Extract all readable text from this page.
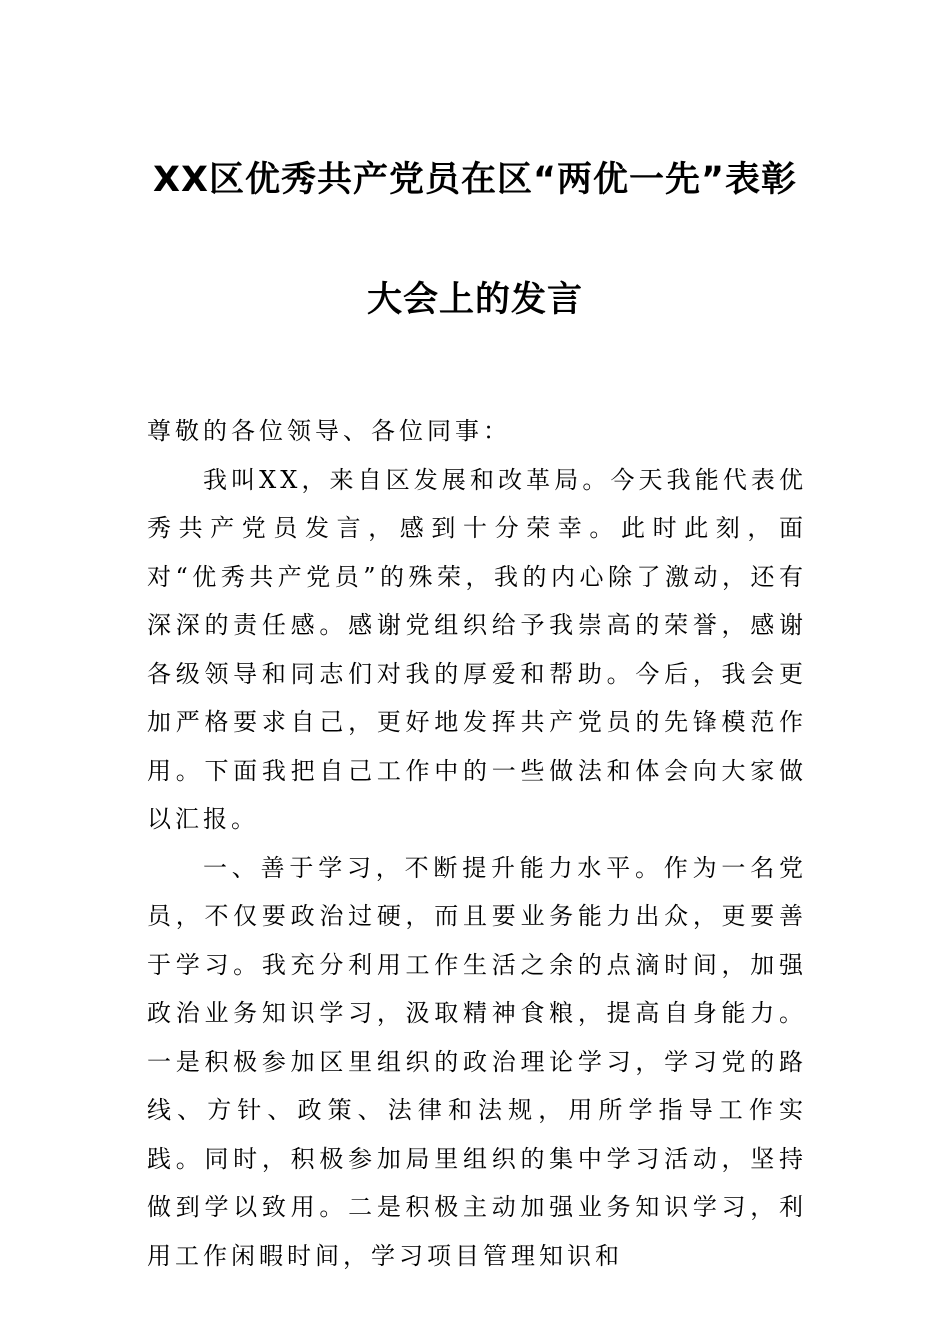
XX区优秀共产党员在区“两优一先”表彰
大会上的发言

尊敬的各位领导、各位同事：

我叫XX，来自区发展和改革局。今天我能代表优秀共产党员发言，感到十分荣幸。此时此刻，面对“优秀共产党员”的殊荣，我的内心除了激动，还有深深的责任感。感谢党组织给予我崇高的荣誉，感谢各级领导和同志们对我的厚爱和帮助。今后，我会更加严格要求自己，更好地发挥共产党员的先锋模范作用。下面我把自己工作中的一些做法和体会向大家做以汇报。

一、善于学习，不断提升能力水平。作为一名党员，不仅要政治过硬，而且要业务能力出众，更要善于学习。我充分利用工作生活之余的点滴时间，加强政治业务知识学习，汲取精神食粮，提高自身能力。一是积极参加区里组织的政治理论学习，学习党的路线、方针、政策、法律和法规，用所学指导工作实践。同时，积极参加局里组织的集中学习活动，坚持做到学以致用。二是积极主动加强业务知识学习，利用工作闲暇时间，学习项目管理知识和
